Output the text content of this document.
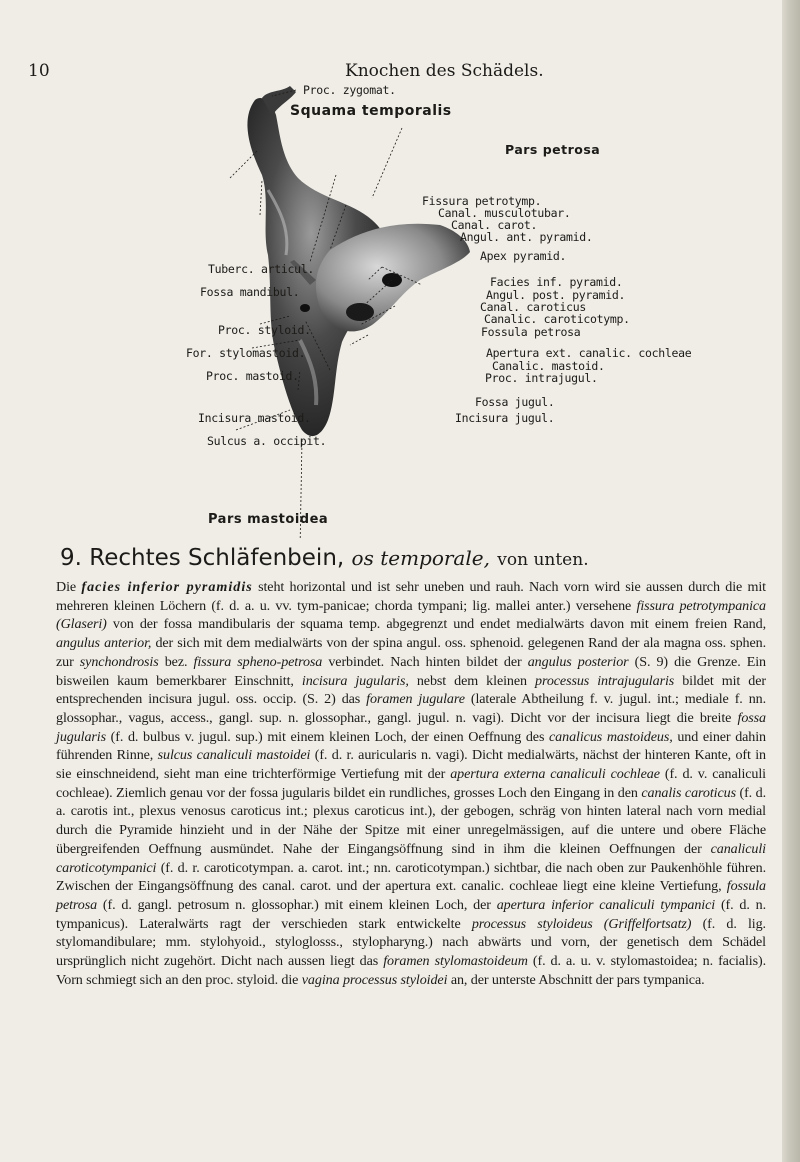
10	Knochen des Schädels.
Proc. zygomat.
Squama temporalis
Pars petrosa
Fissura petrotymp.
Canal. musculotubar.
Canal. carot.
Angul. ant. pyramid.
Apex pyramid.
Tuberc. articul.
Facies inf. pyramid.
Fossa mandibul.	Angul. post. pyramid.
Canal. caroticus
Canalic. caroticotymp.
Proc. styloid.	Fossula petrosa
For. stylomastoid.	Apertura ext. canalic. cochleae
Canalic. mastoid.
Proc. mastoid.	Proc. intrajugul.
Fossa jugul.
Incisura mastoid.	Incisura jugul.
Sulcus a. occipit.
Pars mastoidea
9. Rechtes Schläfenbein, os temporale, von unten.
Die facies inferior pyramidis steht horizontal und ist sehr uneben und rauh. Nach vorn wird sie aussen durch die mit mehreren kleinen Löchern (f. d. a. u. vv. tym-panicae; chorda tympani; lig. mallei anter.) versehene fissura petrotympanica (Glaseri) von der fossa mandibularis der squama temp. abgegrenzt und endet medialwärts davon mit einem freien Rand, angulus anterior, der sich mit dem medialwärts von der spina angul. oss. sphenoid. gelegenen Rand der ala magna oss. sphen. zur synchondrosis bez. fissura spheno-petrosa verbindet. Nach hinten bildet der angulus posterior (S. 9) die Grenze. Ein bisweilen kaum bemerkbarer Einschnitt, incisura jugularis, nebst dem kleinen processus intrajugularis bildet mit der entsprechenden incisura jugul. oss. occip. (S. 2) das foramen jugulare (laterale Abtheilung f. v. jugul. int.; mediale f. nn. glossophar., vagus, access., gangl. sup. n. glossophar., gangl. jugul. n. vagi). Dicht vor der incisura liegt die breite fossa jugularis (f. d. bulbus v. jugul. sup.) mit einem kleinen Loch, der einen Oeffnung des canalicus mastoideus, und einer dahin führenden Rinne, sulcus canaliculi mastoidei (f. d. r. auricularis n. vagi). Dicht medialwärts, nächst der hinteren Kante, oft in sie einschneidend, sieht man eine trichterförmige Vertiefung mit der apertura externa canaliculi cochleae (f. d. v. canaliculi cochleae). Ziemlich genau vor der fossa jugularis bildet ein rundliches, grosses Loch den Eingang in den canalis caroticus (f. d. a. carotis int., plexus venosus caroticus int.; plexus caroticus int.), der gebogen, schräg von hinten lateral nach vorn medial durch die Pyramide hinzieht und in der Nähe der Spitze mit einer unregelmässigen, auf die untere und obere Fläche übergreifenden Oeffnung ausmündet. Nahe der Eingangsöffnung sind in ihm die kleinen Oeffnungen der canaliculi caroticotympanici (f. d. r. caroticotympan. a. carot. int.; nn. caroticotympan.) sichtbar, die nach oben zur Paukenhöhle führen. Zwischen der Eingangsöffnung des canal. carot. und der apertura ext. canalic. cochleae liegt eine kleine Vertiefung, fossula petrosa (f. d. gangl. petrosum n. glossophar.) mit einem kleinen Loch, der apertura inferior canaliculi tympanici (f. d. n. tympanicus). Lateralwärts ragt der verschieden stark entwickelte processus styloideus (Griffelfortsatz) (f. d. lig. stylomandibulare; mm. stylohyoid., styloglosss., stylopharyng.) nach abwärts und vorn, der genetisch dem Schädel ursprünglich nicht zugehört. Dicht nach aussen liegt das foramen stylomastoideum (f. d. a. u. v. stylomastoidea; n. facialis). Vorn schmiegt sich an den proc. styloid. die vagina processus styloidei an, der unterste Abschnitt der pars tympanica.
